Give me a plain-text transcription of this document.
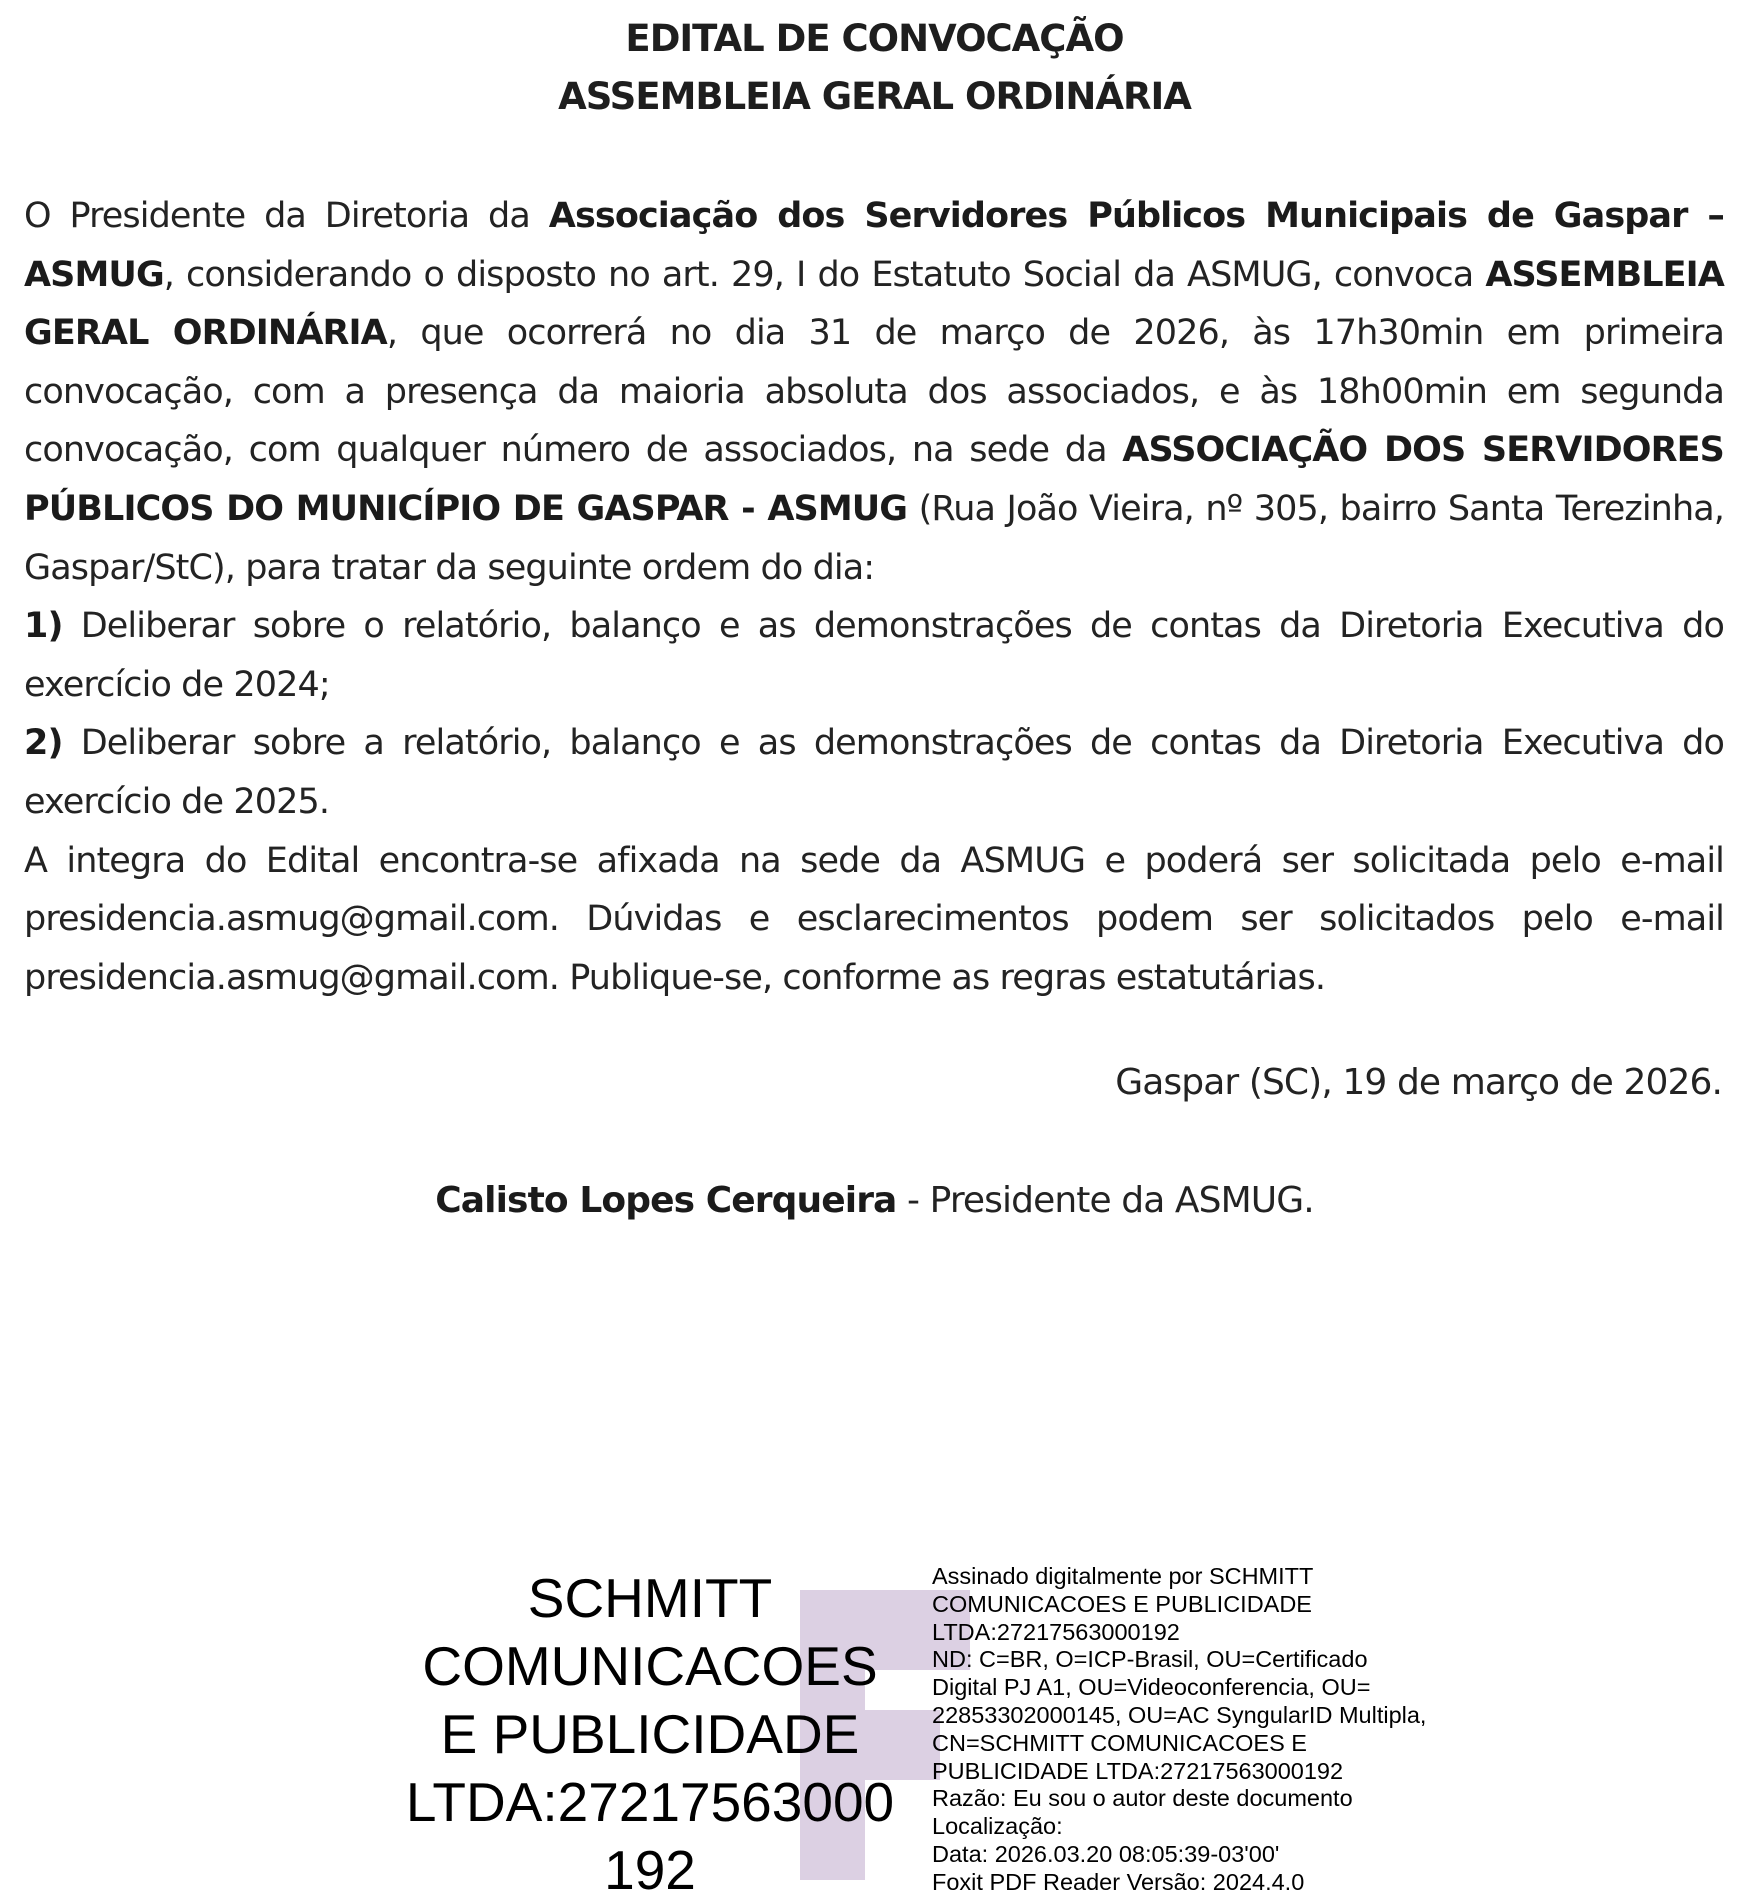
EDITAL DE CONVOCAÇÃO
ASSEMBLEIA GERAL ORDINÁRIA

O Presidente da Diretoria da Associação dos Servidores Públicos Municipais de Gaspar – ASMUG, considerando o disposto no art. 29, I do Estatuto Social da ASMUG, convoca ASSEMBLEIA GERAL ORDINÁRIA, que ocorrerá no dia 31 de março de 2026, às 17h30min em primeira convocação, com a presença da maioria absoluta dos associados, e às 18h00min em segunda convocação, com qualquer número de associados, na sede da ASSOCIAÇÃO DOS SERVIDORES PÚBLICOS DO MUNICÍPIO DE GASPAR - ASMUG (Rua João Vieira, nº 305, bairro Santa Terezinha, Gaspar/StC), para tratar da seguinte ordem do dia:

1) Deliberar sobre o relatório, balanço e as demonstrações de contas da Diretoria Executiva do exercício de 2024;

2) Deliberar sobre a relatório, balanço e as demonstrações de contas da Diretoria Executiva do exercício de 2025.

A integra do Edital encontra-se afixada na sede da ASMUG e poderá ser solicitada pelo e-mail presidencia.asmug@gmail.com. Dúvidas e esclarecimentos podem ser solicitados pelo e-mail presidencia.asmug@gmail.com. Publique-se, conforme as regras estatutárias.

Gaspar (SC), 19 de março de 2026.
Calisto Lopes Cerqueira - Presidente da ASMUG.
SCHMITT
COMUNICACOES
E PUBLICIDADE
LTDA:27217563000
192
Assinado digitalmente por SCHMITT
COMUNICACOES E PUBLICIDADE
LTDA:27217563000192
ND: C=BR, O=ICP-Brasil, OU=Certificado
Digital PJ A1, OU=Videoconferencia, OU=
22853302000145, OU=AC SyngularID Multipla,
CN=SCHMITT COMUNICACOES E
PUBLICIDADE LTDA:27217563000192
Razão: Eu sou o autor deste documento
Localização:
Data: 2026.03.20 08:05:39-03'00'
Foxit PDF Reader Versão: 2024.4.0
